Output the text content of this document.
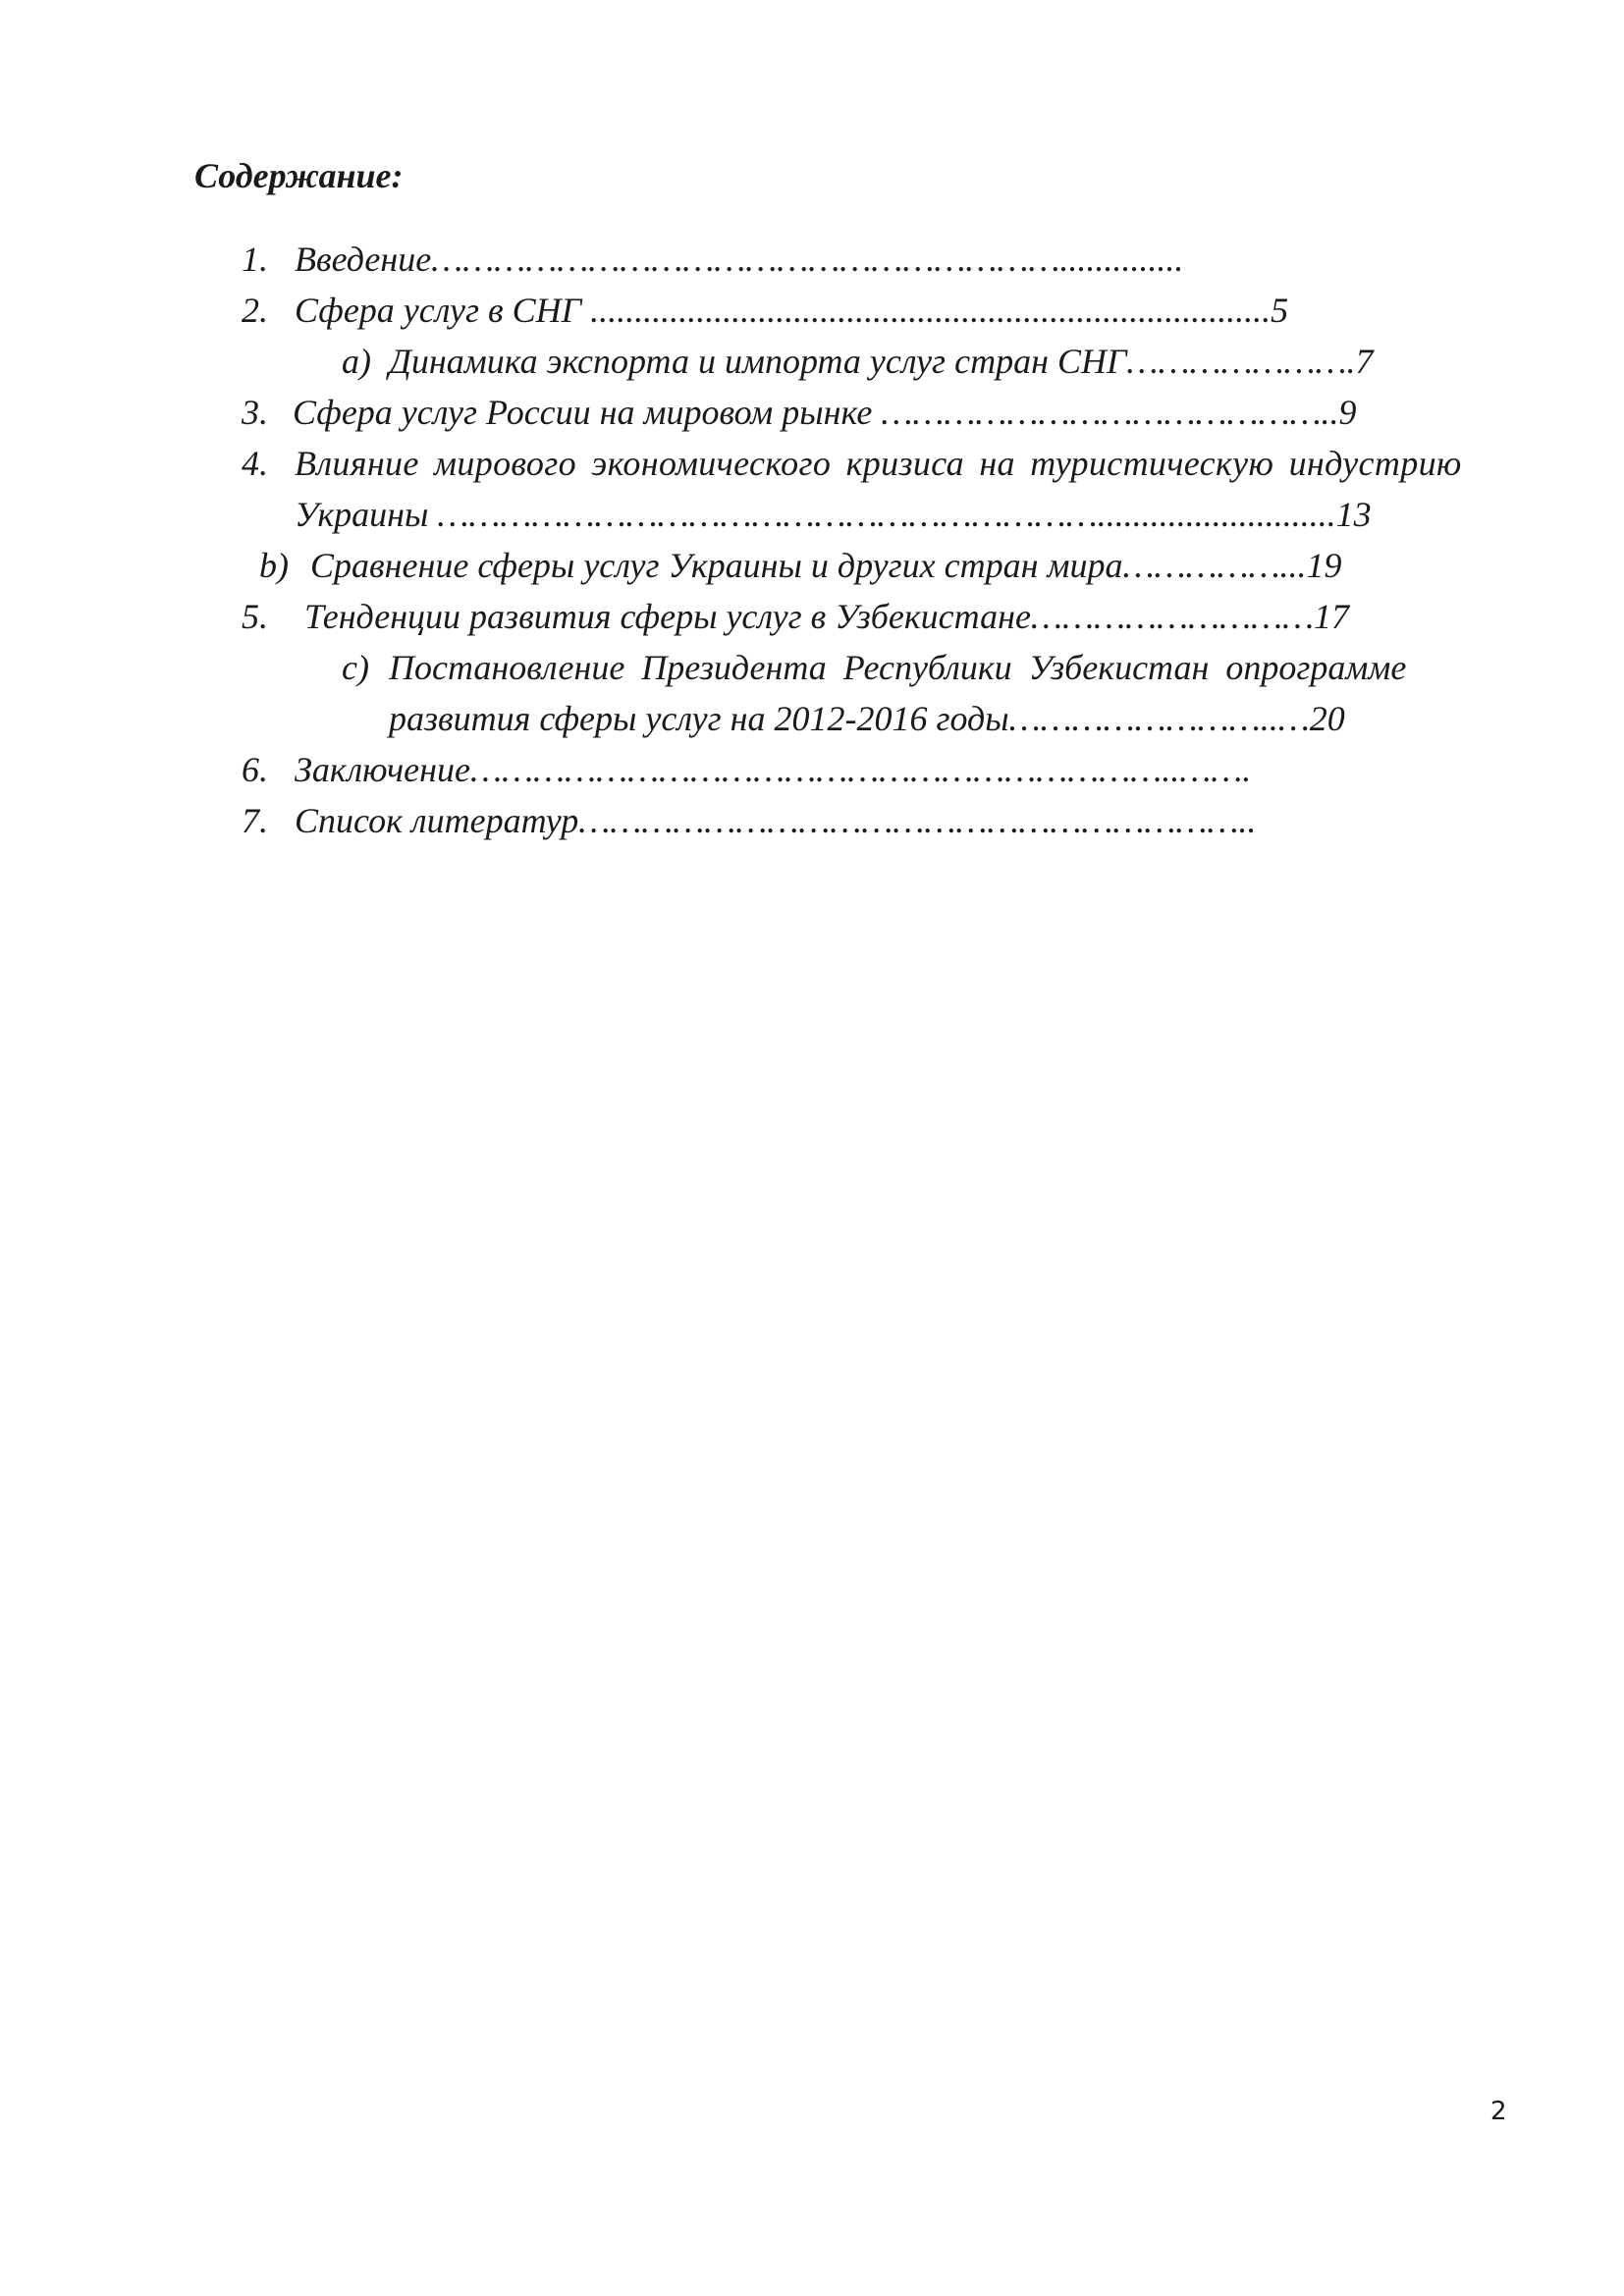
Содержание:
1. Введение……………………………………………………..............
2. Сфера услуг в СНГ .............................................................................5
a) Динамика экспорта и импорта услуг стран СНГ………………….7
3. Сфера услуг России на мировом рынке ……………………………………..9
4. Влияние мирового экономического кризиса на туристическую индустрию
Украины ………………………………………………………...........................13
b) Сравнение сферы услуг Украины и других стран мира……………...19
5. Тенденции развития сферы услуг в Узбекистане………………………17
c) Постановление Президента Республики Узбекистан опрограмме
развития сферы услуг на 2012-2016 годы……………………..…20
6. Заключение…………………………………………………………..…….
7. Список литератур………………………………………………………..
2
